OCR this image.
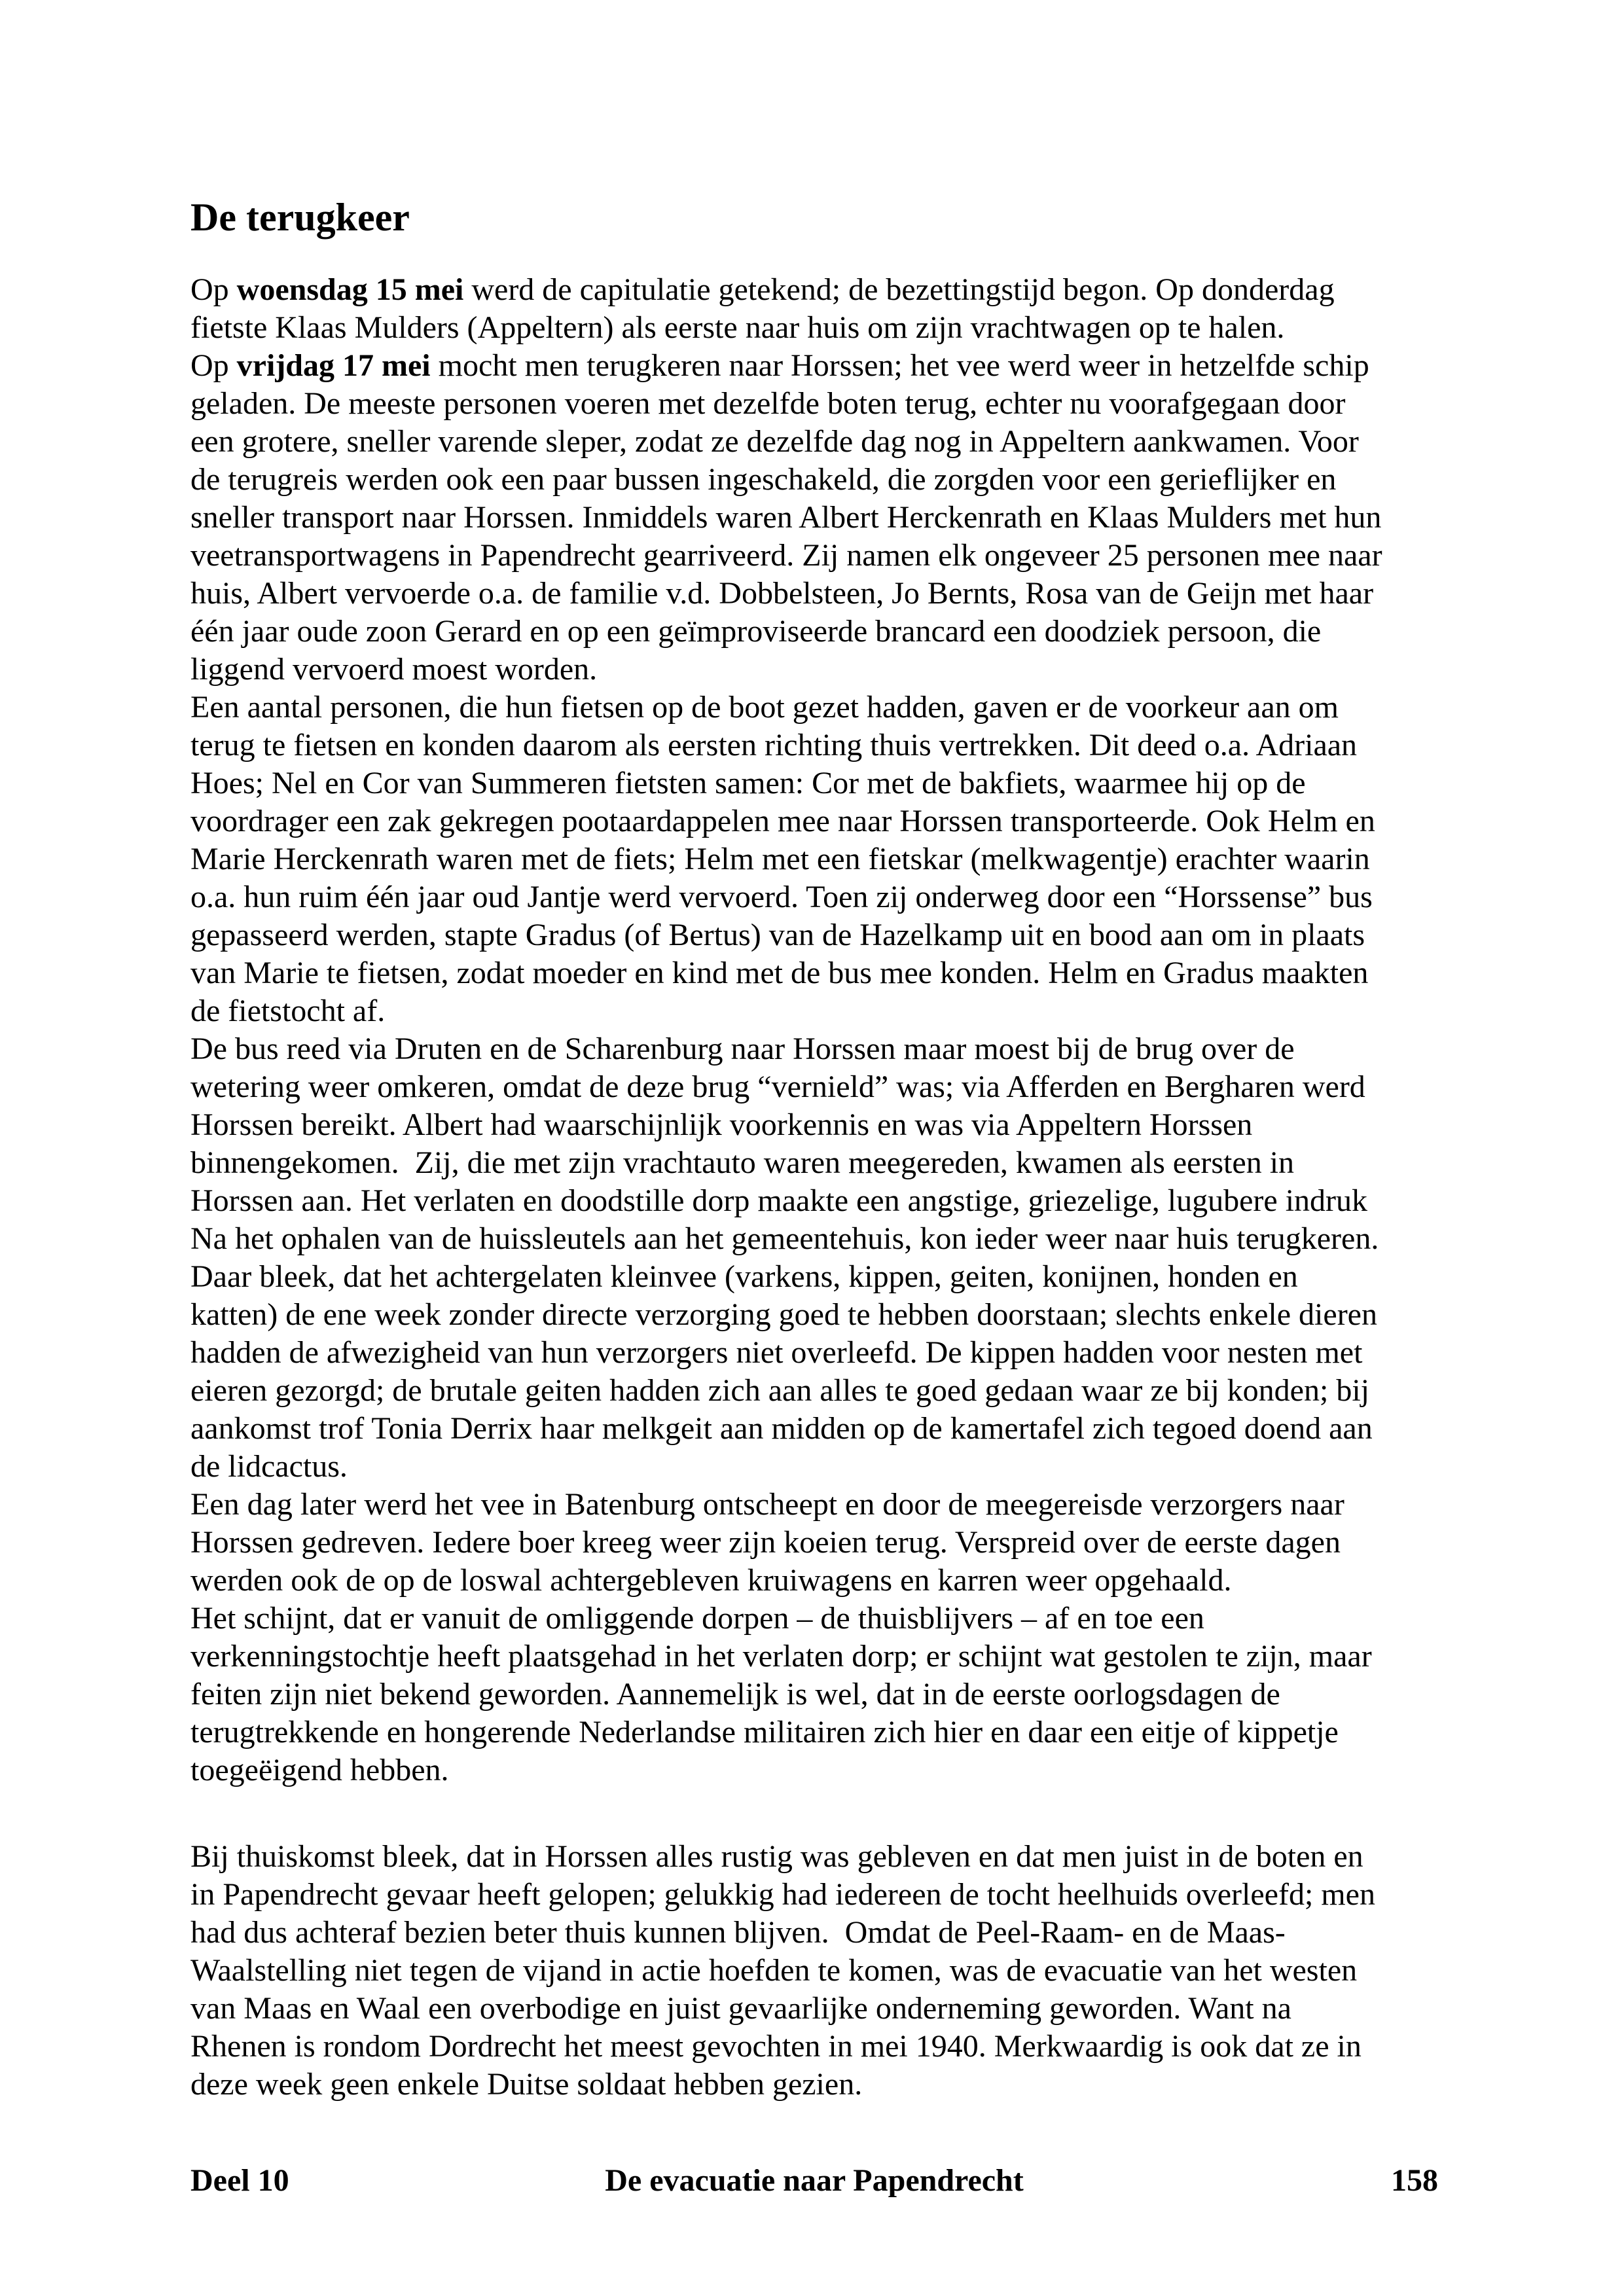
De terugkeer
Op woensdag 15 mei werd de capitulatie getekend; de bezettingstijd begon. Op donderdag
fietste Klaas Mulders (Appeltern) als eerste naar huis om zijn vrachtwagen op te halen.
Op vrijdag 17 mei mocht men terugkeren naar Horssen; het vee werd weer in hetzelfde schip
geladen. De meeste personen voeren met dezelfde boten terug, echter nu voorafgegaan door
een grotere, sneller varende sleper, zodat ze dezelfde dag nog in Appeltern aankwamen. Voor
de terugreis werden ook een paar bussen ingeschakeld, die zorgden voor een gerieflijker en
sneller transport naar Horssen. Inmiddels waren Albert Herckenrath en Klaas Mulders met hun
veetransportwagens in Papendrecht gearriveerd. Zij namen elk ongeveer 25 personen mee naar
huis, Albert vervoerde o.a. de familie v.d. Dobbelsteen, Jo Bernts, Rosa van de Geijn met haar
één jaar oude zoon Gerard en op een geïmproviseerde brancard een doodziek persoon, die
liggend vervoerd moest worden.
Een aantal personen, die hun fietsen op de boot gezet hadden, gaven er de voorkeur aan om
terug te fietsen en konden daarom als eersten richting thuis vertrekken. Dit deed o.a. Adriaan
Hoes; Nel en Cor van Summeren fietsten samen: Cor met de bakfiets, waarmee hij op de
voordrager een zak gekregen pootaardappelen mee naar Horssen transporteerde. Ook Helm en
Marie Herckenrath waren met de fiets; Helm met een fietskar (melkwagentje) erachter waarin
o.a. hun ruim één jaar oud Jantje werd vervoerd. Toen zij onderweg door een “Horssense” bus
gepasseerd werden, stapte Gradus (of Bertus) van de Hazelkamp uit en bood aan om in plaats
van Marie te fietsen, zodat moeder en kind met de bus mee konden. Helm en Gradus maakten
de fietstocht af.
De bus reed via Druten en de Scharenburg naar Horssen maar moest bij de brug over de
wetering weer omkeren, omdat de deze brug “vernield” was; via Afferden en Bergharen werd
Horssen bereikt. Albert had waarschijnlijk voorkennis en was via Appeltern Horssen
binnengekomen.  Zij, die met zijn vrachtauto waren meegereden, kwamen als eersten in
Horssen aan. Het verlaten en doodstille dorp maakte een angstige, griezelige, lugubere indruk
Na het ophalen van de huissleutels aan het gemeentehuis, kon ieder weer naar huis terugkeren.
Daar bleek, dat het achtergelaten kleinvee (varkens, kippen, geiten, konijnen, honden en
katten) de ene week zonder directe verzorging goed te hebben doorstaan; slechts enkele dieren
hadden de afwezigheid van hun verzorgers niet overleefd. De kippen hadden voor nesten met
eieren gezorgd; de brutale geiten hadden zich aan alles te goed gedaan waar ze bij konden; bij
aankomst trof Tonia Derrix haar melkgeit aan midden op de kamertafel zich tegoed doend aan
de lidcactus.
Een dag later werd het vee in Batenburg ontscheept en door de meegereisde verzorgers naar
Horssen gedreven. Iedere boer kreeg weer zijn koeien terug. Verspreid over de eerste dagen
werden ook de op de loswal achtergebleven kruiwagens en karren weer opgehaald.
Het schijnt, dat er vanuit de omliggende dorpen – de thuisblijvers – af en toe een
verkenningstochtje heeft plaatsgehad in het verlaten dorp; er schijnt wat gestolen te zijn, maar
feiten zijn niet bekend geworden. Aannemelijk is wel, dat in de eerste oorlogsdagen de
terugtrekkende en hongerende Nederlandse militairen zich hier en daar een eitje of kippetje
toegeëigend hebben.

Bij thuiskomst bleek, dat in Horssen alles rustig was gebleven en dat men juist in de boten en
in Papendrecht gevaar heeft gelopen; gelukkig had iedereen de tocht heelhuids overleefd; men
had dus achteraf bezien beter thuis kunnen blijven.  Omdat de Peel-Raam- en de Maas-
Waalstelling niet tegen de vijand in actie hoefden te komen, was de evacuatie van het westen
van Maas en Waal een overbodige en juist gevaarlijke onderneming geworden. Want na
Rhenen is rondom Dordrecht het meest gevochten in mei 1940. Merkwaardig is ook dat ze in
deze week geen enkele Duitse soldaat hebben gezien.
Deel 10	De evacuatie naar Papendrecht	158
